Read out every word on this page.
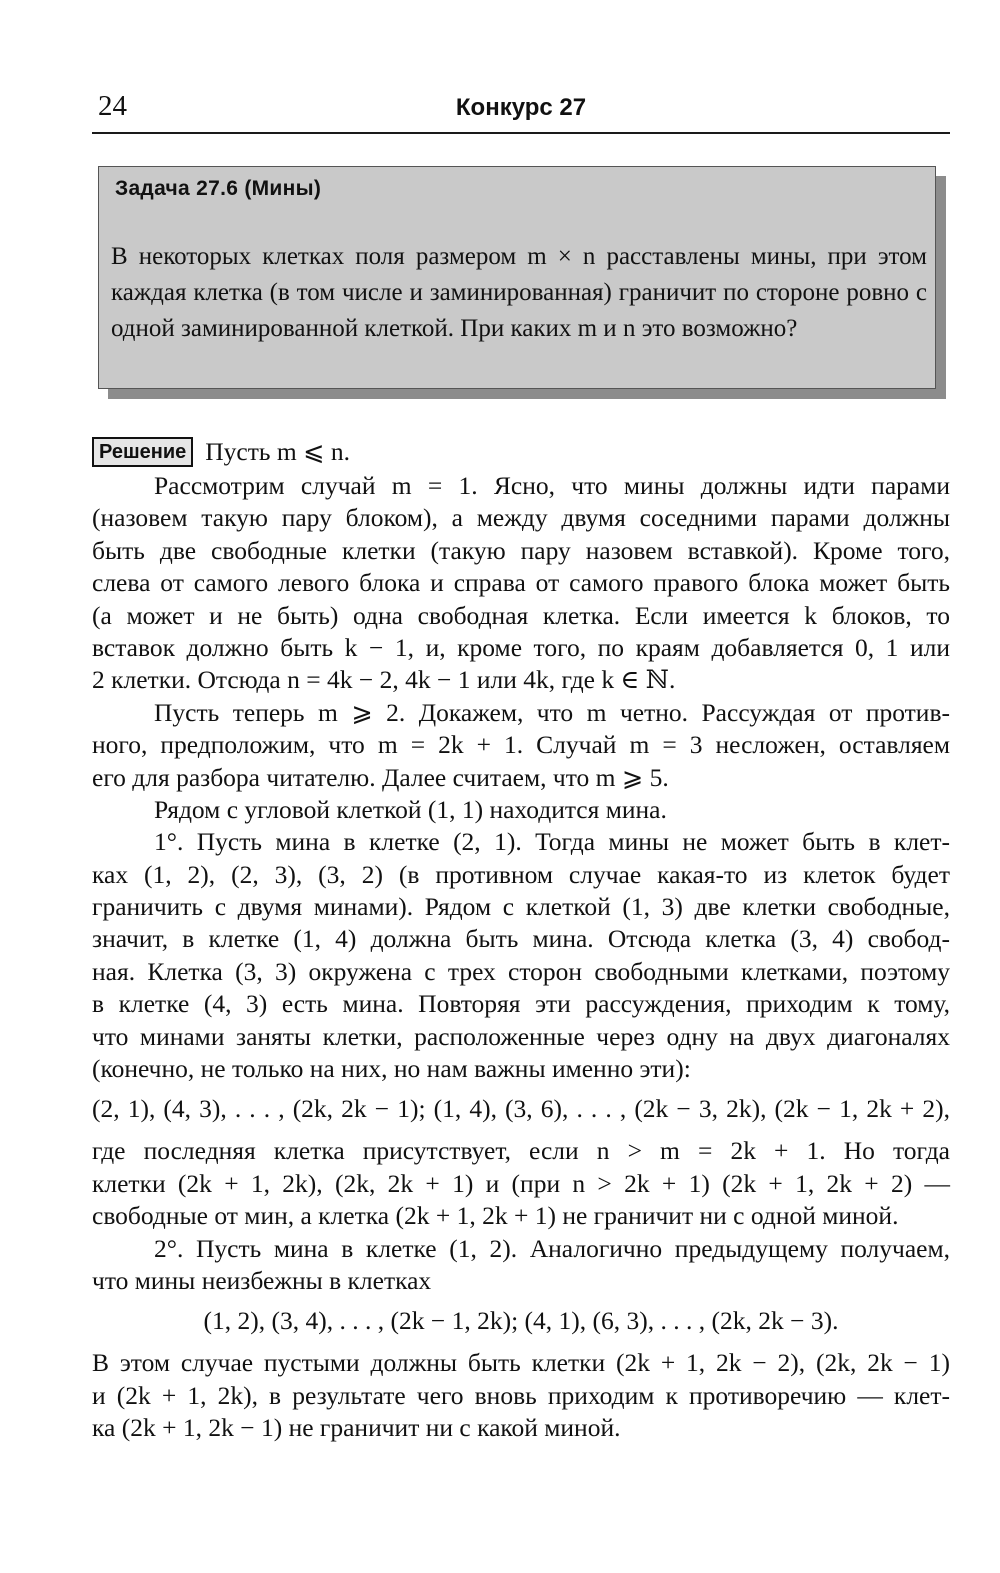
24	Конкурс 27
Задача 27.6 (Мины)
В некоторых клетках поля размером m × n расставлены мины, при этом каждая клетка (в том числе и заминированная) граничит по стороне ровно с одной заминированной клеткой. При каких m и n это возможно?
Решение Пусть m ⩽ n.
Рассмотрим случай m = 1. Ясно, что мины должны идти парами
(назовем такую пару блоком), а между двумя соседними парами должны
быть две свободные клетки (такую пару назовем вставкой). Кроме того,
слева от самого левого блока и справа от самого правого блока может быть
(а может и не быть) одна свободная клетка. Если имеется k блоков, то
вставок должно быть k − 1, и, кроме того, по краям добавляется 0, 1 или
2 клетки. Отсюда n = 4k − 2, 4k − 1 или 4k, где k ∈ ℕ.
Пусть теперь m ⩾ 2. Докажем, что m четно. Рассуждая от против-
ного, предположим, что m = 2k + 1. Случай m = 3 несложен, оставляем
его для разбора читателю. Далее считаем, что m ⩾ 5.
Рядом с угловой клеткой (1, 1) находится мина.
1°. Пусть мина в клетке (2, 1). Тогда мины не может быть в клет-
ках (1, 2), (2, 3), (3, 2) (в противном случае какая-то из клеток будет
граничить с двумя минами). Рядом с клеткой (1, 3) две клетки свободные,
значит, в клетке (1, 4) должна быть мина. Отсюда клетка (3, 4) свобод-
ная. Клетка (3, 3) окружена с трех сторон свободными клетками, поэтому
в клетке (4, 3) есть мина. Повторяя эти рассуждения, приходим к тому,
что минами заняты клетки, расположенные через одну на двух диагоналях
(конечно, не только на них, но нам важны именно эти):
(2, 1), (4, 3), . . . , (2k, 2k − 1); (1, 4), (3, 6), . . . , (2k − 3, 2k), (2k − 1, 2k + 2),
где последняя клетка присутствует, если n > m = 2k + 1. Но тогда
клетки (2k + 1, 2k), (2k, 2k + 1) и (при n > 2k + 1) (2k + 1, 2k + 2) —
свободные от мин, а клетка (2k + 1, 2k + 1) не граничит ни с одной миной.
2°. Пусть мина в клетке (1, 2). Аналогично предыдущему получаем,
что мины неизбежны в клетках
(1, 2), (3, 4), . . . , (2k − 1, 2k); (4, 1), (6, 3), . . . , (2k, 2k − 3).
В этом случае пустыми должны быть клетки (2k + 1, 2k − 2), (2k, 2k − 1)
и (2k + 1, 2k), в результате чего вновь приходим к противоречию — клет-
ка (2k + 1, 2k − 1) не граничит ни с какой миной.
